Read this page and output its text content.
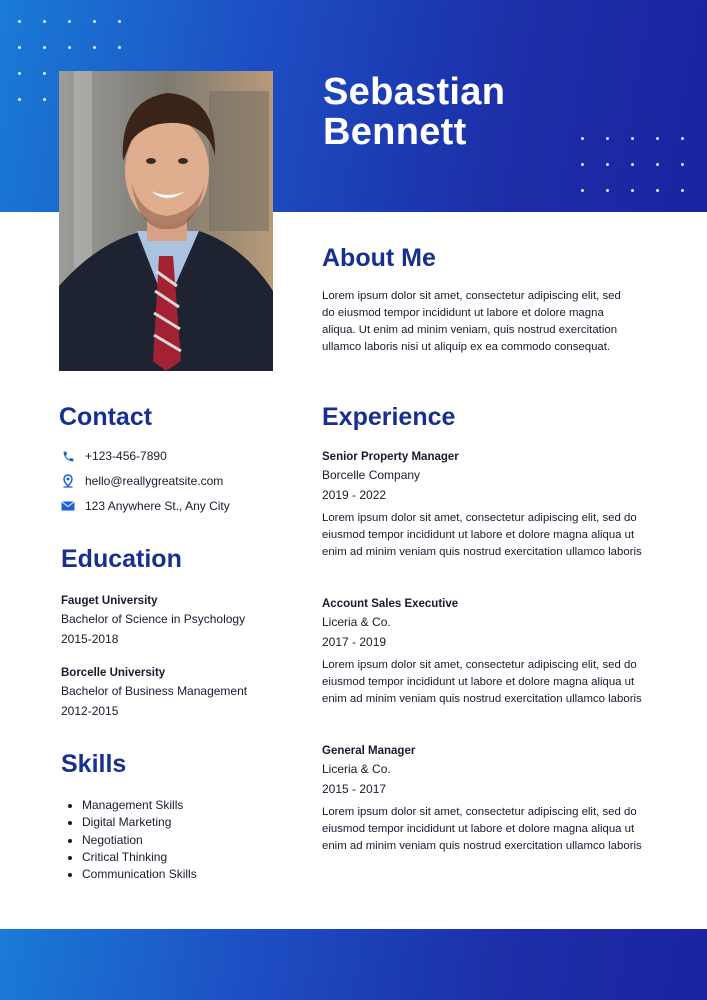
Sebastian
Bennett
About Me
Lorem ipsum dolor sit amet, consectetur adipiscing elit, sed do eiusmod tempor incididunt ut labore et dolore magna aliqua. Ut enim ad minim veniam, quis nostrud exercitation ullamco laboris nisi ut aliquip ex ea commodo consequat.
Contact
+123-456-7890
hello@reallygreatsite.com
123 Anywhere St., Any City
Education
Fauget University
Bachelor of Science in Psychology
2015-2018
Borcelle University
Bachelor of Business Management
2012-2015
Skills
Management Skills
Digital Marketing
Negotiation
Critical Thinking
Communication Skills
Experience
Senior Property Manager
Borcelle Company
2019 - 2022
Lorem ipsum dolor sit amet, consectetur adipiscing elit, sed do eiusmod tempor incididunt ut labore et dolore magna aliqua ut enim ad minim veniam quis nostrud exercitation ullamco laboris
Account Sales Executive
Liceria & Co.
2017 - 2019
Lorem ipsum dolor sit amet, consectetur adipiscing elit, sed do eiusmod tempor incididunt ut labore et dolore magna aliqua ut enim ad minim veniam quis nostrud exercitation ullamco laboris
General Manager
Liceria & Co.
2015 - 2017
Lorem ipsum dolor sit amet, consectetur adipiscing elit, sed do eiusmod tempor incididunt ut labore et dolore magna aliqua ut enim ad minim veniam quis nostrud exercitation ullamco laboris
